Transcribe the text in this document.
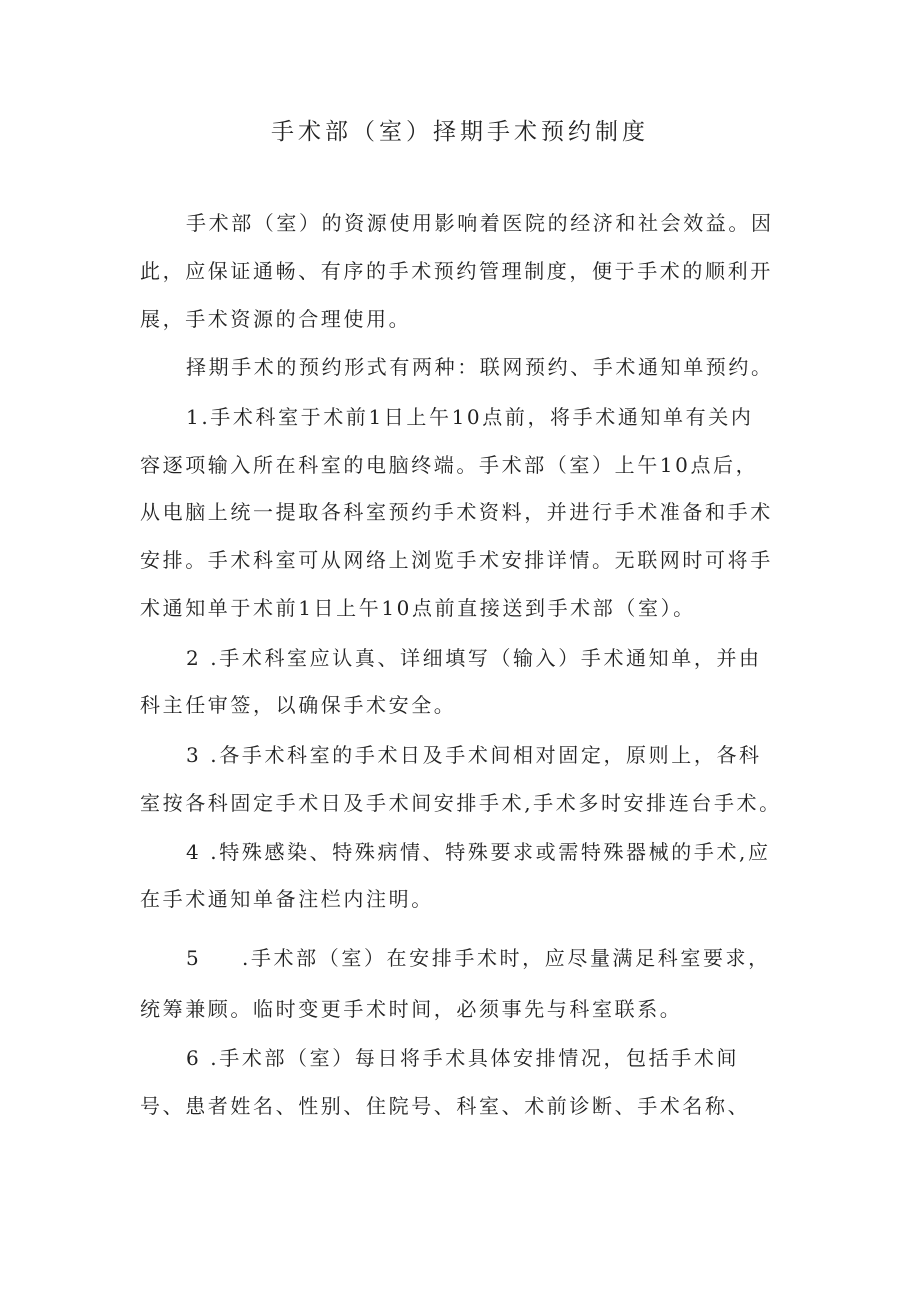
手术部（室）择期手术预约制度
手术部（室）的资源使用影响着医院的经济和社会效益。因
此，应保证通畅、有序的手术预约管理制度，便于手术的顺利开
展，手术资源的合理使用。
择期手术的预约形式有两种：联网预约、手术通知单预约。
1.手术科室于术前1日上午10点前，将手术通知单有关内
容逐项输入所在科室的电脑终端。手术部（室）上午10点后，
从电脑上统一提取各科室预约手术资料，并进行手术准备和手术
安排。手术科室可从网络上浏览手术安排详情。无联网时可将手
术通知单于术前1日上午10点前直接送到手术部（室）。
2 .手术科室应认真、详细填写（输入）手术通知单，并由
科主任审签，以确保手术安全。
3 .各手术科室的手术日及手术间相对固定，原则上，各科
室按各科固定手术日及手术间安排手术,手术多时安排连台手术。
4 .特殊感染、特殊病情、特殊要求或需特殊器械的手术,应
在手术通知单备注栏内注明。
5 .手术部（室）在安排手术时，应尽量满足科室要求，
统筹兼顾。临时变更手术时间，必须事先与科室联系。
6 .手术部（室）每日将手术具体安排情况，包括手术间
号、患者姓名、性别、住院号、科室、术前诊断、手术名称、
